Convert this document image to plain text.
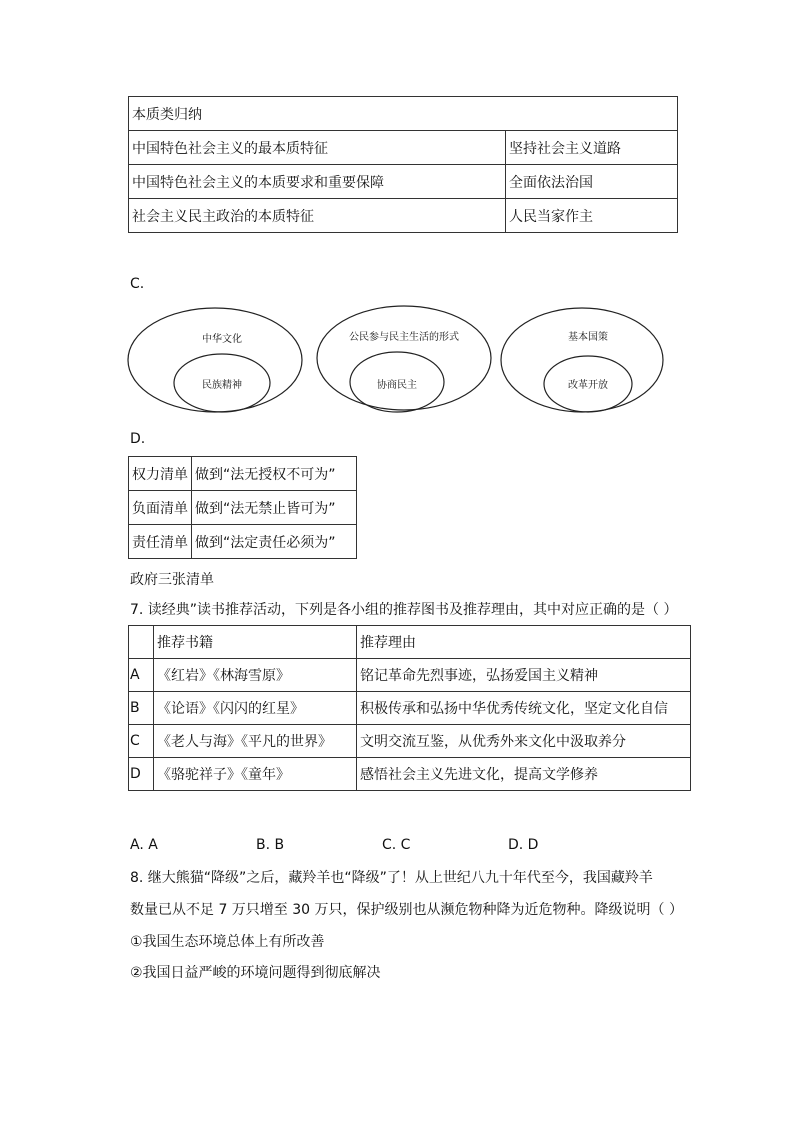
本质类归纳	
中国特色社会主义的最本质特征	坚持社会主义道路
中国特色社会主义的本质要求和重要保障	全面依法治国
社会主义民主政治的本质特征	人民当家作主
C.
中华文化
民族精神
公民参与民主生活的形式
协商民主
基本国策
改革开放
D.
权力清单	做到“法无授权不可为”
负面清单	做到“法无禁止皆可为”
责任清单	做到“法定责任必须为”
政府三张清单
7. 读经典”读书推荐活动，下列是各小组的推荐图书及推荐理由，其中对应正确的是（ ）
	推荐书籍	推荐理由
A	《红岩》《林海雪原》	铭记革命先烈事迹，弘扬爱国主义精神
B	《论语》《闪闪的红星》	积极传承和弘扬中华优秀传统文化，坚定文化自信
C	《老人与海》《平凡的世界》	文明交流互鉴，从优秀外来文化中汲取养分
D	《骆驼祥子》《童年》	感悟社会主义先进文化，提高文学修养
A. A	B. B	C. C	D. D
8. 继大熊猫“降级”之后，藏羚羊也“降级”了！从上世纪八九十年代至今，我国藏羚羊
数量已从不足 7 万只增至 30 万只，保护级别也从濒危物种降为近危物种。降级说明（ ）
①我国生态环境总体上有所改善
②我国日益严峻的环境问题得到彻底解决
